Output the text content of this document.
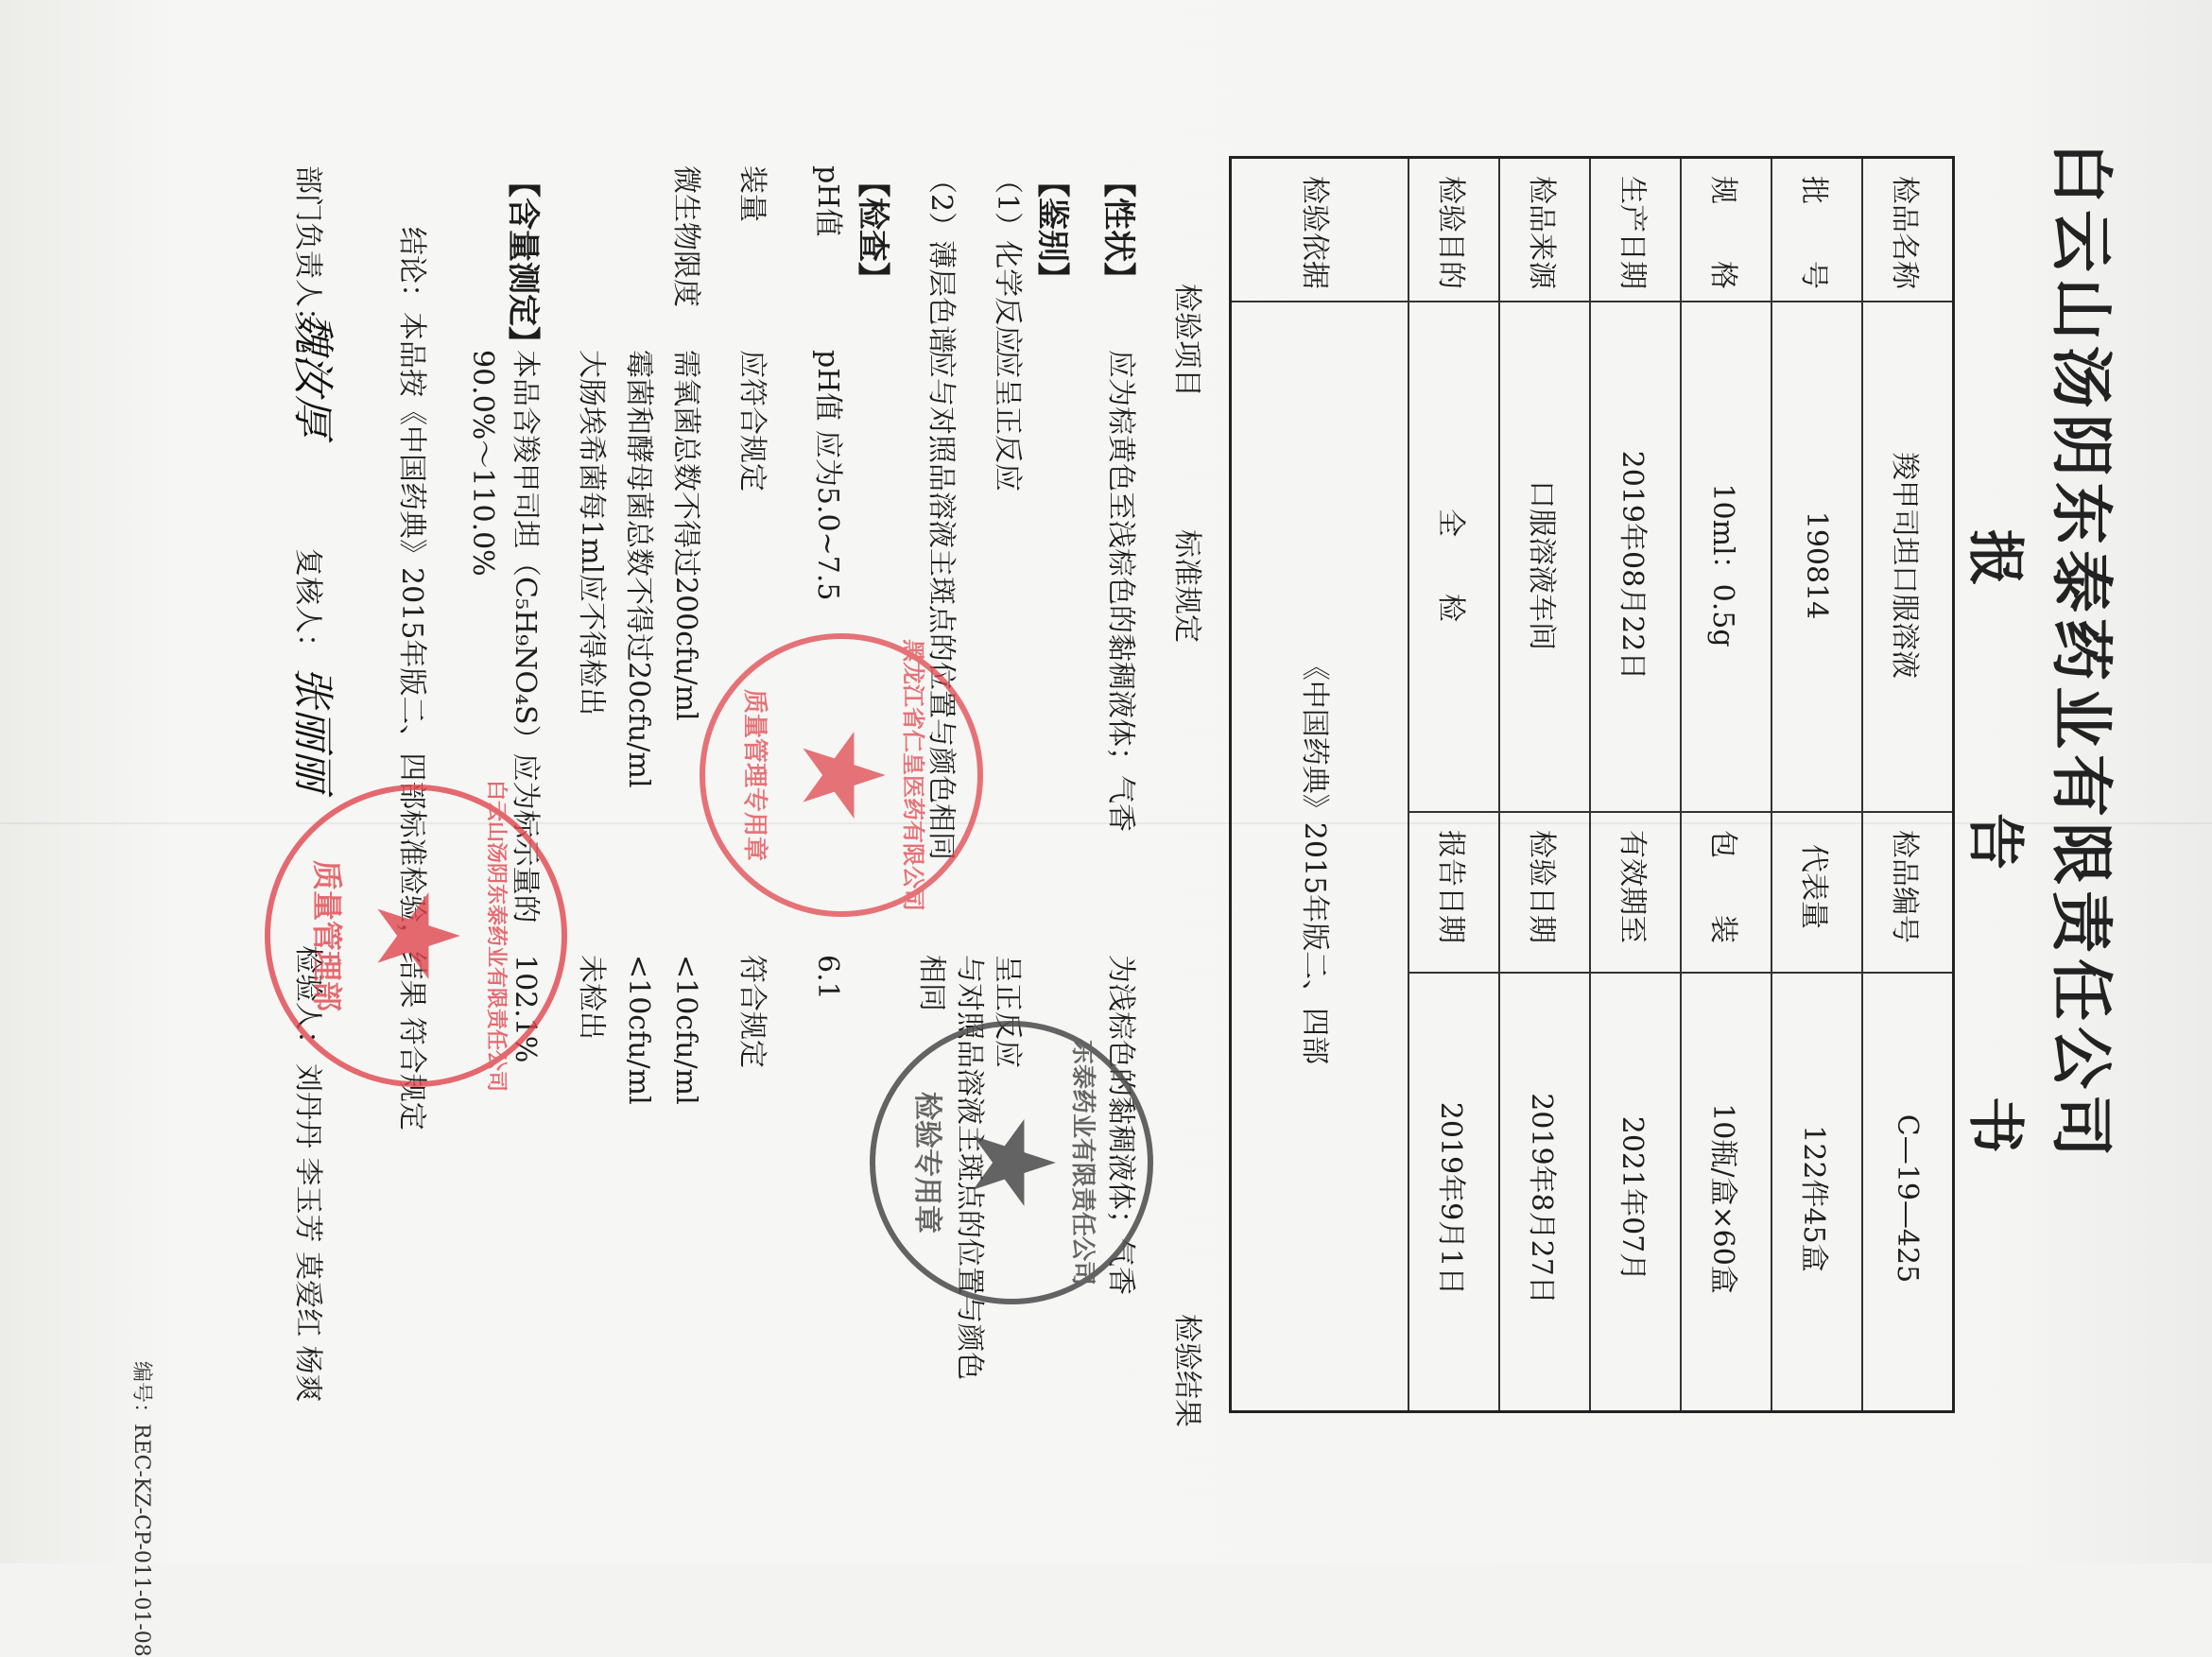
编号：REC-KZ-CP-011-01-08
白云山汤阴东泰药业有限责任公司
报告书
检品名称
羧甲司坦口服溶液
检品编号
C—19—425
批　　号
190814
代表量
122件45盒
规　　格
10ml：0.5g
包　　装
10瓶/盒×60盒
生产日期
2019年08月22日
有效期至
2021年07月
检品来源
口服溶液车间
检验日期
2019年8月27日
检验目的
全　　检
报告日期
2019年9月1日
检验依据
《中国药典》2015年版二、四部
检验项目
标准规定
检验结果
【性状】
应为棕黄色至浅棕色的黏稠液体；气香
为浅棕色的黏稠液体；气香
【鉴别】
（1）化学反应
应呈正反应
呈正反应
（2）薄层色谱
应与对照品溶液主斑点的位置与颜色相同
与对照品溶液主斑点的位置与颜色
相同
【检查】
pH值
pH值 应为5.0~7.5
6.1
装量
应符合规定
符合规定
微生物限度
需氧菌总数不得过200cfu/ml
<10cfu/ml
霉菌和酵母菌总数不得过20cfu/ml
<10cfu/ml
大肠埃希菌每1ml应不得检出
未检出
【含量测定】
本品含羧甲司坦（C₅H₉NO₄S）应为标示量的
90.0%～110.0%
102.1%
结论：本品按《中国药典》2015年版二、四部标准检验，结果 符合规定
部门负责人：
魏汝厚
复核人：
张丽丽
检验人：
刘丹丹 李玉芳 莫爱红 杨爽	东泰药业有限责任公司
★
检验专用章
黑龙江省仁皇医药有限公司
★
质量管理专用章
白云山汤阴东泰药业有限责任公司
★
质量管理部
